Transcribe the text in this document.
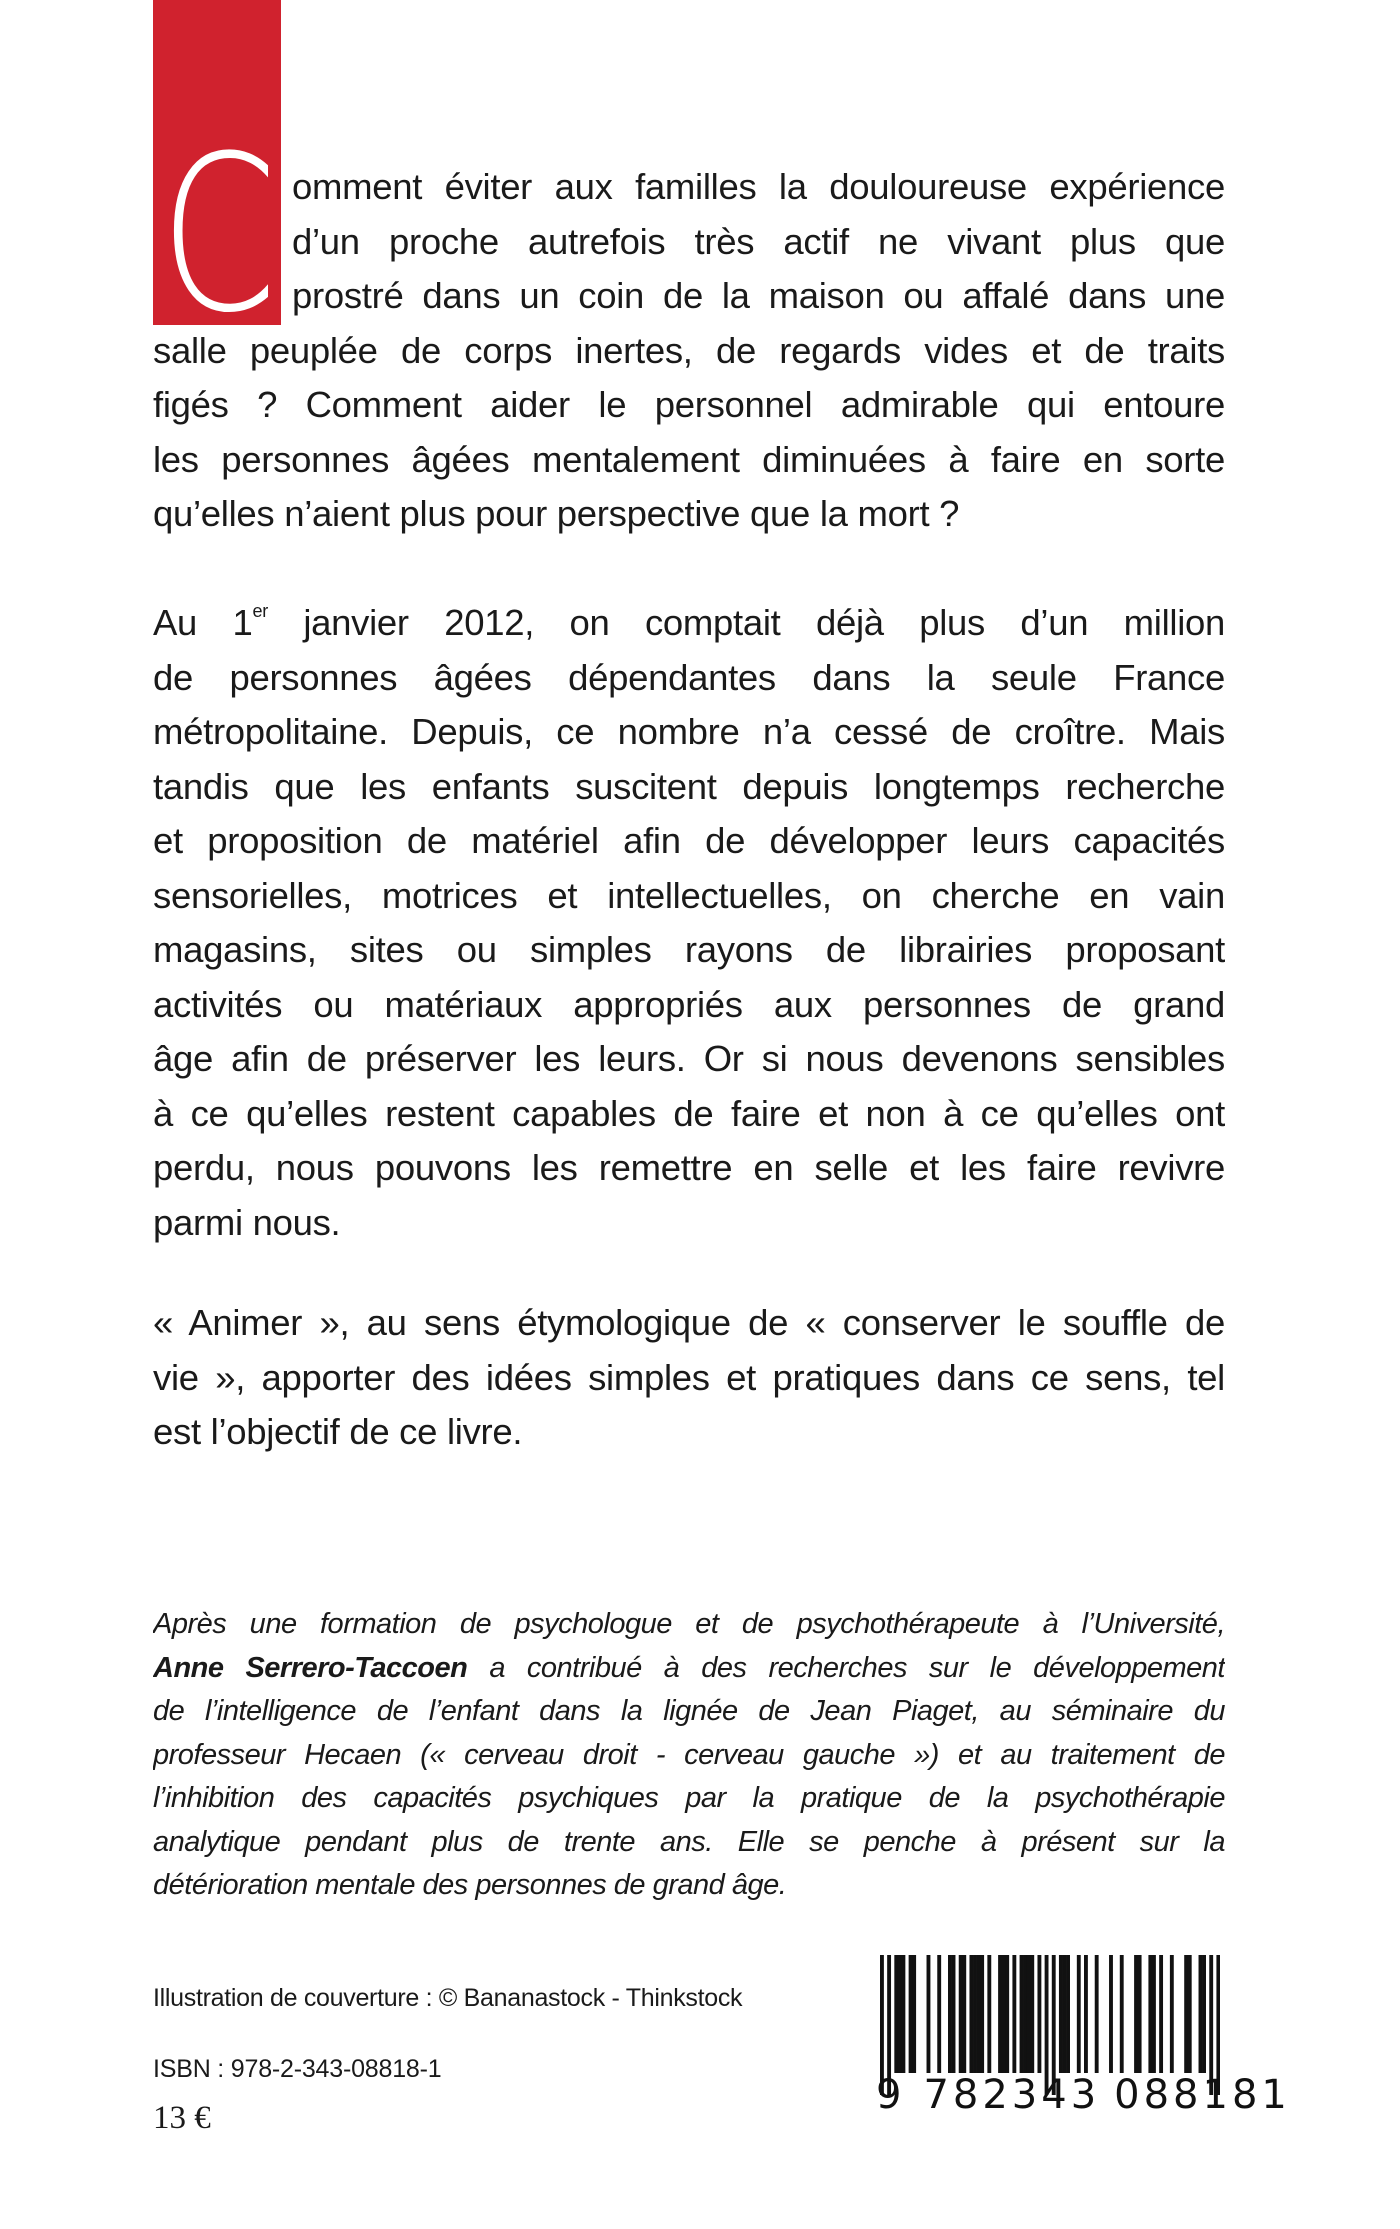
C omment éviter aux familles la douloureuse expérience
d’un proche autrefois très actif ne vivant plus que
prostré dans un coin de la maison ou affalé dans une
salle peuplée de corps inertes, de regards vides et de traits
figés ? Comment aider le personnel admirable qui entoure
les personnes âgées mentalement diminuées à faire en sorte
qu’elles n’aient plus pour perspective que la mort ?
Au 1er janvier 2012, on comptait déjà plus d’un million
de personnes âgées dépendantes dans la seule France
métropolitaine. Depuis, ce nombre n’a cessé de croître. Mais
tandis que les enfants suscitent depuis longtemps recherche
et proposition de matériel afin de développer leurs capacités
sensorielles, motrices et intellectuelles, on cherche en vain
magasins, sites ou simples rayons de librairies proposant
activités ou matériaux appropriés aux personnes de grand
âge afin de préserver les leurs. Or si nous devenons sensibles
à ce qu’elles restent capables de faire et non à ce qu’elles ont
perdu, nous pouvons les remettre en selle et les faire revivre
parmi nous.
« Animer », au sens étymologique de « conserver le souffle de
vie », apporter des idées simples et pratiques dans ce sens, tel
est l’objectif de ce livre.
Après une formation de psychologue et de psychothérapeute à l’Université,
Anne Serrero-Taccoen a contribué à des recherches sur le développement
de l’intelligence de l’enfant dans la lignée de Jean Piaget, au séminaire du
professeur Hecaen (« cerveau droit - cerveau gauche ») et au traitement de
l’inhibition des capacités psychiques par la pratique de la psychothérapie
analytique pendant plus de trente ans. Elle se penche à présent sur la
détérioration mentale des personnes de grand âge.
Illustration de couverture : © Bananastock - Thinkstock
ISBN : 978-2-343-08818-1
13 €	9 782343 088181
